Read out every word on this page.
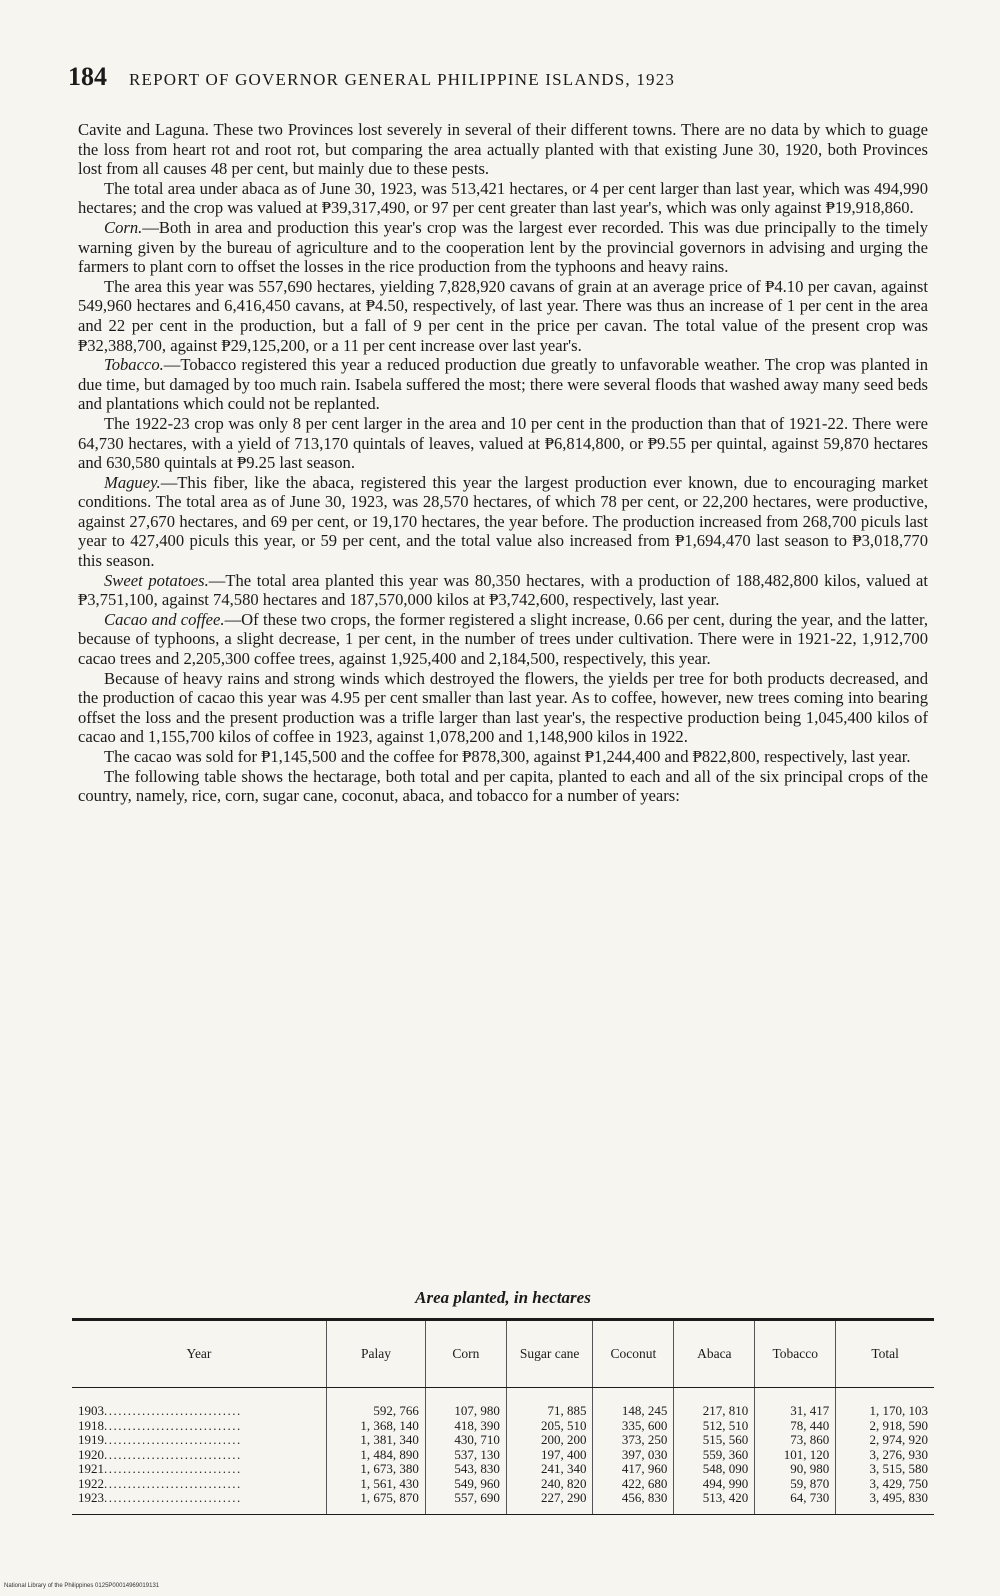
184 REPORT OF GOVERNOR GENERAL PHILIPPINE ISLANDS, 1923

Cavite and Laguna. These two Provinces lost severely in several of their different towns. There are no data by which to guage the loss from heart rot and root rot, but comparing the area actually planted with that existing June 30, 1920, both Provinces lost from all causes 48 per cent, but mainly due to these pests.

The total area under abaca as of June 30, 1923, was 513,421 hectares, or 4 per cent larger than last year, which was 494,990 hectares; and the crop was valued at ₱39,317,490, or 97 per cent greater than last year's, which was only against ₱19,918,860.

Corn.—Both in area and production this year's crop was the largest ever recorded. This was due principally to the timely warning given by the bureau of agriculture and to the cooperation lent by the provincial governors in advising and urging the farmers to plant corn to offset the losses in the rice production from the typhoons and heavy rains.

The area this year was 557,690 hectares, yielding 7,828,920 cavans of grain at an average price of ₱4.10 per cavan, against 549,960 hectares and 6,416,450 cavans, at ₱4.50, respectively, of last year. There was thus an increase of 1 per cent in the area and 22 per cent in the production, but a fall of 9 per cent in the price per cavan. The total value of the present crop was ₱32,388,700, against ₱29,125,200, or a 11 per cent increase over last year's.

Tobacco.—Tobacco registered this year a reduced production due greatly to unfavorable weather. The crop was planted in due time, but damaged by too much rain. Isabela suffered the most; there were several floods that washed away many seed beds and plantations which could not be replanted.

The 1922-23 crop was only 8 per cent larger in the area and 10 per cent in the production than that of 1921-22. There were 64,730 hectares, with a yield of 713,170 quintals of leaves, valued at ₱6,814,800, or ₱9.55 per quintal, against 59,870 hectares and 630,580 quintals at ₱9.25 last season.

Maguey.—This fiber, like the abaca, registered this year the largest production ever known, due to encouraging market conditions. The total area as of June 30, 1923, was 28,570 hectares, of which 78 per cent, or 22,200 hectares, were productive, against 27,670 hectares, and 69 per cent, or 19,170 hectares, the year before. The production increased from 268,700 piculs last year to 427,400 piculs this year, or 59 per cent, and the total value also increased from ₱1,694,470 last season to ₱3,018,770 this season.

Sweet potatoes.—The total area planted this year was 80,350 hectares, with a production of 188,482,800 kilos, valued at ₱3,751,100, against 74,580 hectares and 187,570,000 kilos at ₱3,742,600, respectively, last year.

Cacao and coffee.—Of these two crops, the former registered a slight increase, 0.66 per cent, during the year, and the latter, because of typhoons, a slight decrease, 1 per cent, in the number of trees under cultivation. There were in 1921-22, 1,912,700 cacao trees and 2,205,300 coffee trees, against 1,925,400 and 2,184,500, respectively, this year.

Because of heavy rains and strong winds which destroyed the flowers, the yields per tree for both products decreased, and the production of cacao this year was 4.95 per cent smaller than last year. As to coffee, however, new trees coming into bearing offset the loss and the present production was a trifle larger than last year's, the respective production being 1,045,400 kilos of cacao and 1,155,700 kilos of coffee in 1923, against 1,078,200 and 1,148,900 kilos in 1922.

The cacao was sold for ₱1,145,500 and the coffee for ₱878,300, against ₱1,244,400 and ₱822,800, respectively, last year.

The following table shows the hectarage, both total and per capita, planted to each and all of the six principal crops of the country, namely, rice, corn, sugar cane, coconut, abaca, and tobacco for a number of years:

Area planted, in hectares
Year	Palay	Corn	Sugar cane	Coconut	Abaca	Tobacco	Total
1903.............................	592, 766	107, 980	71, 885	148, 245	217, 810	31, 417	1, 170, 103
1918.............................	1, 368, 140	418, 390	205, 510	335, 600	512, 510	78, 440	2, 918, 590
1919.............................	1, 381, 340	430, 710	200, 200	373, 250	515, 560	73, 860	2, 974, 920
1920.............................	1, 484, 890	537, 130	197, 400	397, 030	559, 360	101, 120	3, 276, 930
1921.............................	1, 673, 380	543, 830	241, 340	417, 960	548, 090	90, 980	3, 515, 580
1922.............................	1, 561, 430	549, 960	240, 820	422, 680	494, 990	59, 870	3, 429, 750
1923.............................	1, 675, 870	557, 690	227, 290	456, 830	513, 420	64, 730	3, 495, 830
National Library of the Philippines 0125P00014969019131
